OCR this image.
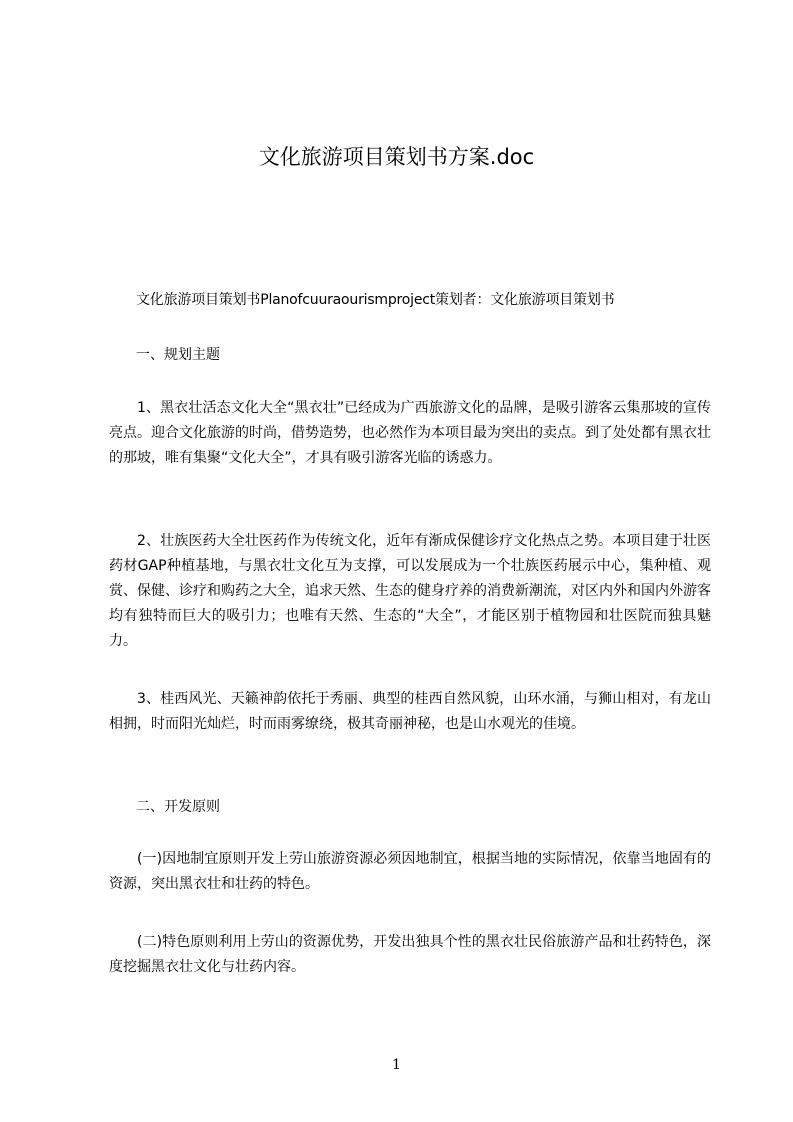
文化旅游项目策划书方案.doc
文化旅游项目策划书Planofcuuraourismproject策划者：文化旅游项目策划书
一、规划主题
1、黑衣壮活态文化大全“黑衣壮”已经成为广西旅游文化的品牌，是吸引游客云集那坡的宣传亮点。迎合文化旅游的时尚，借势造势，也必然作为本项目最为突出的卖点。到了处处都有黑衣壮的那坡，唯有集聚“文化大全”，才具有吸引游客光临的诱惑力。
2、壮族医药大全壮医药作为传统文化，近年有渐成保健诊疗文化热点之势。本项目建于壮医药材GAP种植基地，与黑衣壮文化互为支撑，可以发展成为一个壮族医药展示中心，集种植、观赏、保健、诊疗和购药之大全，追求天然、生态的健身疗养的消费新潮流，对区内外和国内外游客均有独特而巨大的吸引力；也唯有天然、生态的“大全”，才能区别于植物园和壮医院而独具魅力。
3、桂西风光、天籁神韵依托于秀丽、典型的桂西自然风貌，山环水涌，与狮山相对，有龙山相拥，时而阳光灿烂，时而雨雾缭绕，极其奇丽神秘，也是山水观光的佳境。
二、开发原则
(一)因地制宜原则开发上劳山旅游资源必须因地制宜，根据当地的实际情况，依靠当地固有的资源，突出黑衣壮和壮药的特色。
(二)特色原则利用上劳山的资源优势，开发出独具个性的黑衣壮民俗旅游产品和壮药特色，深度挖掘黑衣壮文化与壮药内容。
1
